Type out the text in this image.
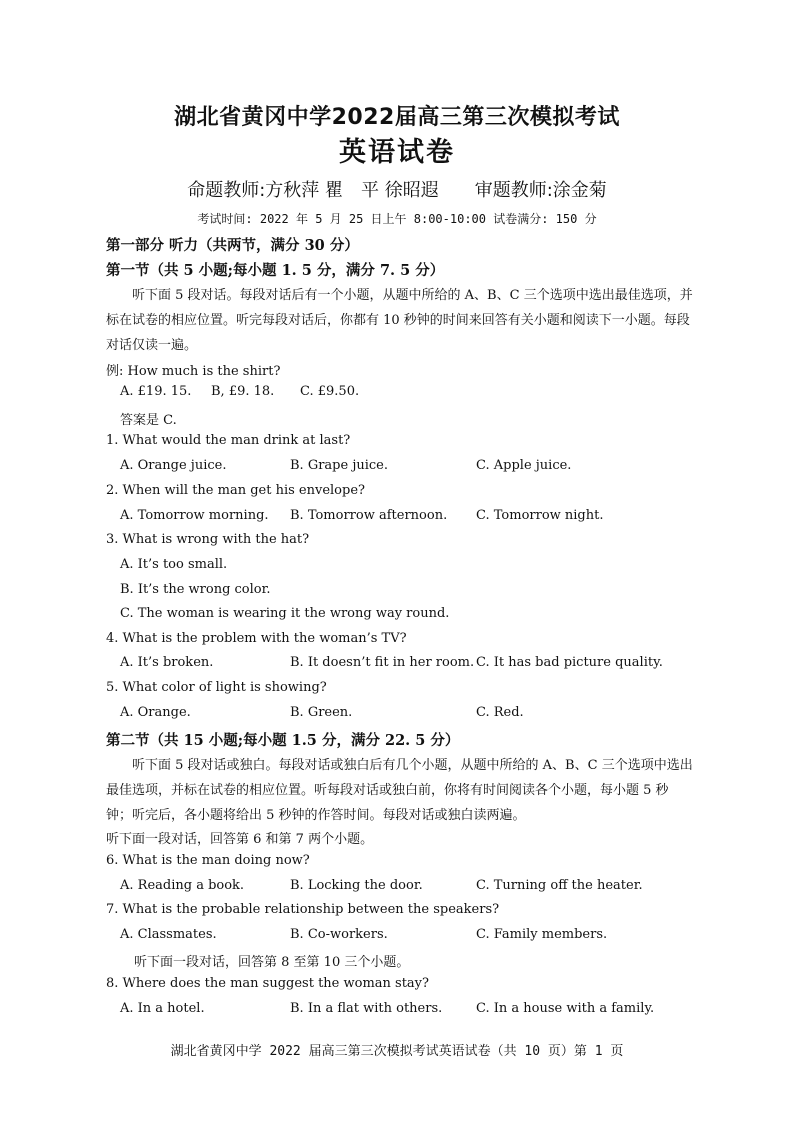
湖北省黄冈中学2022届高三第三次模拟考试
英语试卷
命题教师:方秋萍 瞿　平 徐昭遐　　审题教师:涂金菊
考试时间: 2022 年 5 月 25 日上午 8:00-10:00 试卷满分: 150 分
第一部分 听力（共两节，满分 30 分）
第一节（共 5 小题;每小题 1. 5 分，满分 7. 5 分）
听下面 5 段对话。每段对话后有一个小题，从题中所给的 A、B、C 三个选项中选出最佳选项，并标在试卷的相应位置。听完每段对话后，你都有 10 秒钟的时间来回答有关小题和阅读下一小题。每段对话仅读一遍。
例: How much is the shirt?
A. £19. 15. B, £9. 18. C. £9.50.
答案是 C.
1. What would the man drink at last?
A. Orange juice.	B. Grape juice.	C. Apple juice.
2. When will the man get his envelope?
A. Tomorrow morning. B. Tomorrow afternoon. C. Tomorrow night.
3. What is wrong with the hat?
A. It’s too small.
B. It’s the wrong color.
C. The woman is wearing it the wrong way round.
4. What is the problem with the woman’s TV?
A. It’s broken.	B. It doesn’t fit in her room. C. It has bad picture quality.
5. What color of light is showing?
A. Orange.	B. Green.	C. Red.
第二节（共 15 小题;每小题 1.5 分，满分 22. 5 分）
听下面 5 段对话或独白。每段对话或独白后有几个小题，从题中所给的 A、B、C 三个选项中选出最佳选项，并标在试卷的相应位置。听每段对话或独白前，你将有时间阅读各个小题，每小题 5 秒钟；听完后，各小题将给出 5 秒钟的作答时间。每段对话或独白读两遍。
听下面一段对话，回答第 6 和第 7 两个小题。
6. What is the man doing now?
A. Reading a book.	B. Locking the door.	C. Turning off the heater.
7. What is the probable relationship between the speakers?
A. Classmates.	B. Co-workers.	C. Family members.
听下面一段对话，回答第 8 至第 10 三个小题。
8. Where does the man suggest the woman stay?
A. In a hotel.	B. In a flat with others.	C. In a house with a family.
湖北省黄冈中学 2022 届高三第三次模拟考试英语试卷（共 10 页）第 1 页
